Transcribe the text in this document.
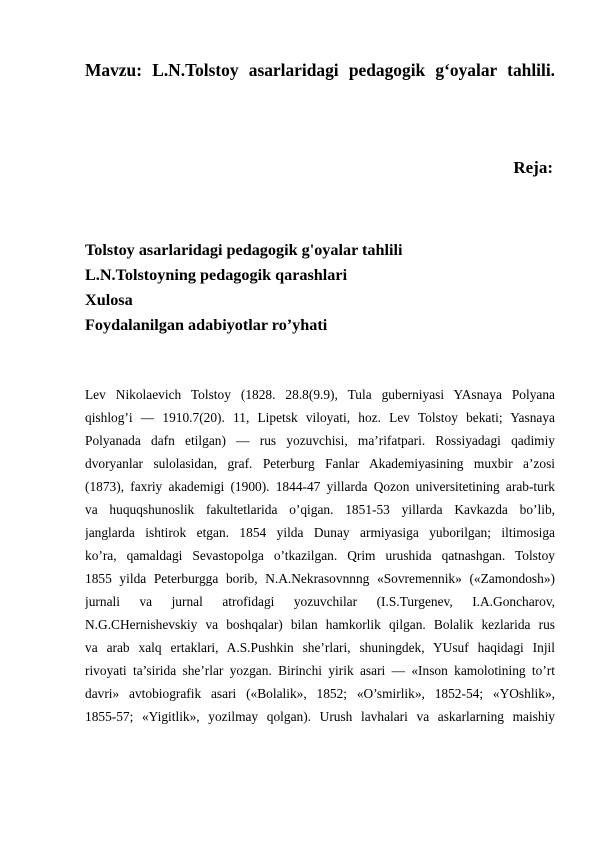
Mavzu: L.N.Tolstoy asarlaridagi pedagogik g‘oyalar tahlili.
Reja:
Tolstoy asarlaridagi pedagogik g'oyalar tahlili
L.N.Tolstoyning pedagogik qarashlari
Xulosa
Foydalanilgan adabiyotlar ro’yhati
Lev Nikolaevich Tolstoy (1828. 28.8(9.9), Tula guberniyasi YAsnaya Polyana
qishlog’i — 1910.7(20). 11, Lipetsk viloyati, hoz. Lev Tolstoy bekati; Yasnaya
Polyanada dafn etilgan) — rus yozuvchisi, ma’rifatpari. Rossiyadagi qadimiy
dvoryanlar sulolasidan, graf. Peterburg Fanlar Akademiyasining muxbir a’zosi
(1873), faxriy akademigi (1900). 1844-47 yillarda Qozon universitetining arab-turk
va huquqshunoslik fakultetlarida o’qigan. 1851-53 yillarda Kavkazda bo’lib,
janglarda ishtirok etgan. 1854 yilda Dunay armiyasiga yuborilgan; iltimosiga
ko’ra, qamaldagi Sevastopolga o’tkazilgan. Qrim urushida qatnashgan. Tolstoy
1855 yilda Peterburgga borib, N.A.Nekrasovnnng «Sovremennik» («Zamondosh»)
jurnali va jurnal atrofidagi yozuvchilar (I.S.Turgenev, I.A.Goncharov,
N.G.CHernishevskiy va boshqalar) bilan hamkorlik qilgan. Bolalik kezlarida rus
va arab xalq ertaklari, A.S.Pushkin she’rlari, shuningdek, YUsuf haqidagi Injil
rivoyati ta’sirida she’rlar yozgan. Birinchi yirik asari — «Inson kamolotining to’rt
davri» avtobiografik asari («Bolalik», 1852; «O’smirlik», 1852-54; «YOshlik»,
1855-57; «Yigitlik», yozilmay qolgan). Urush lavhalari va askarlarning maishiy
